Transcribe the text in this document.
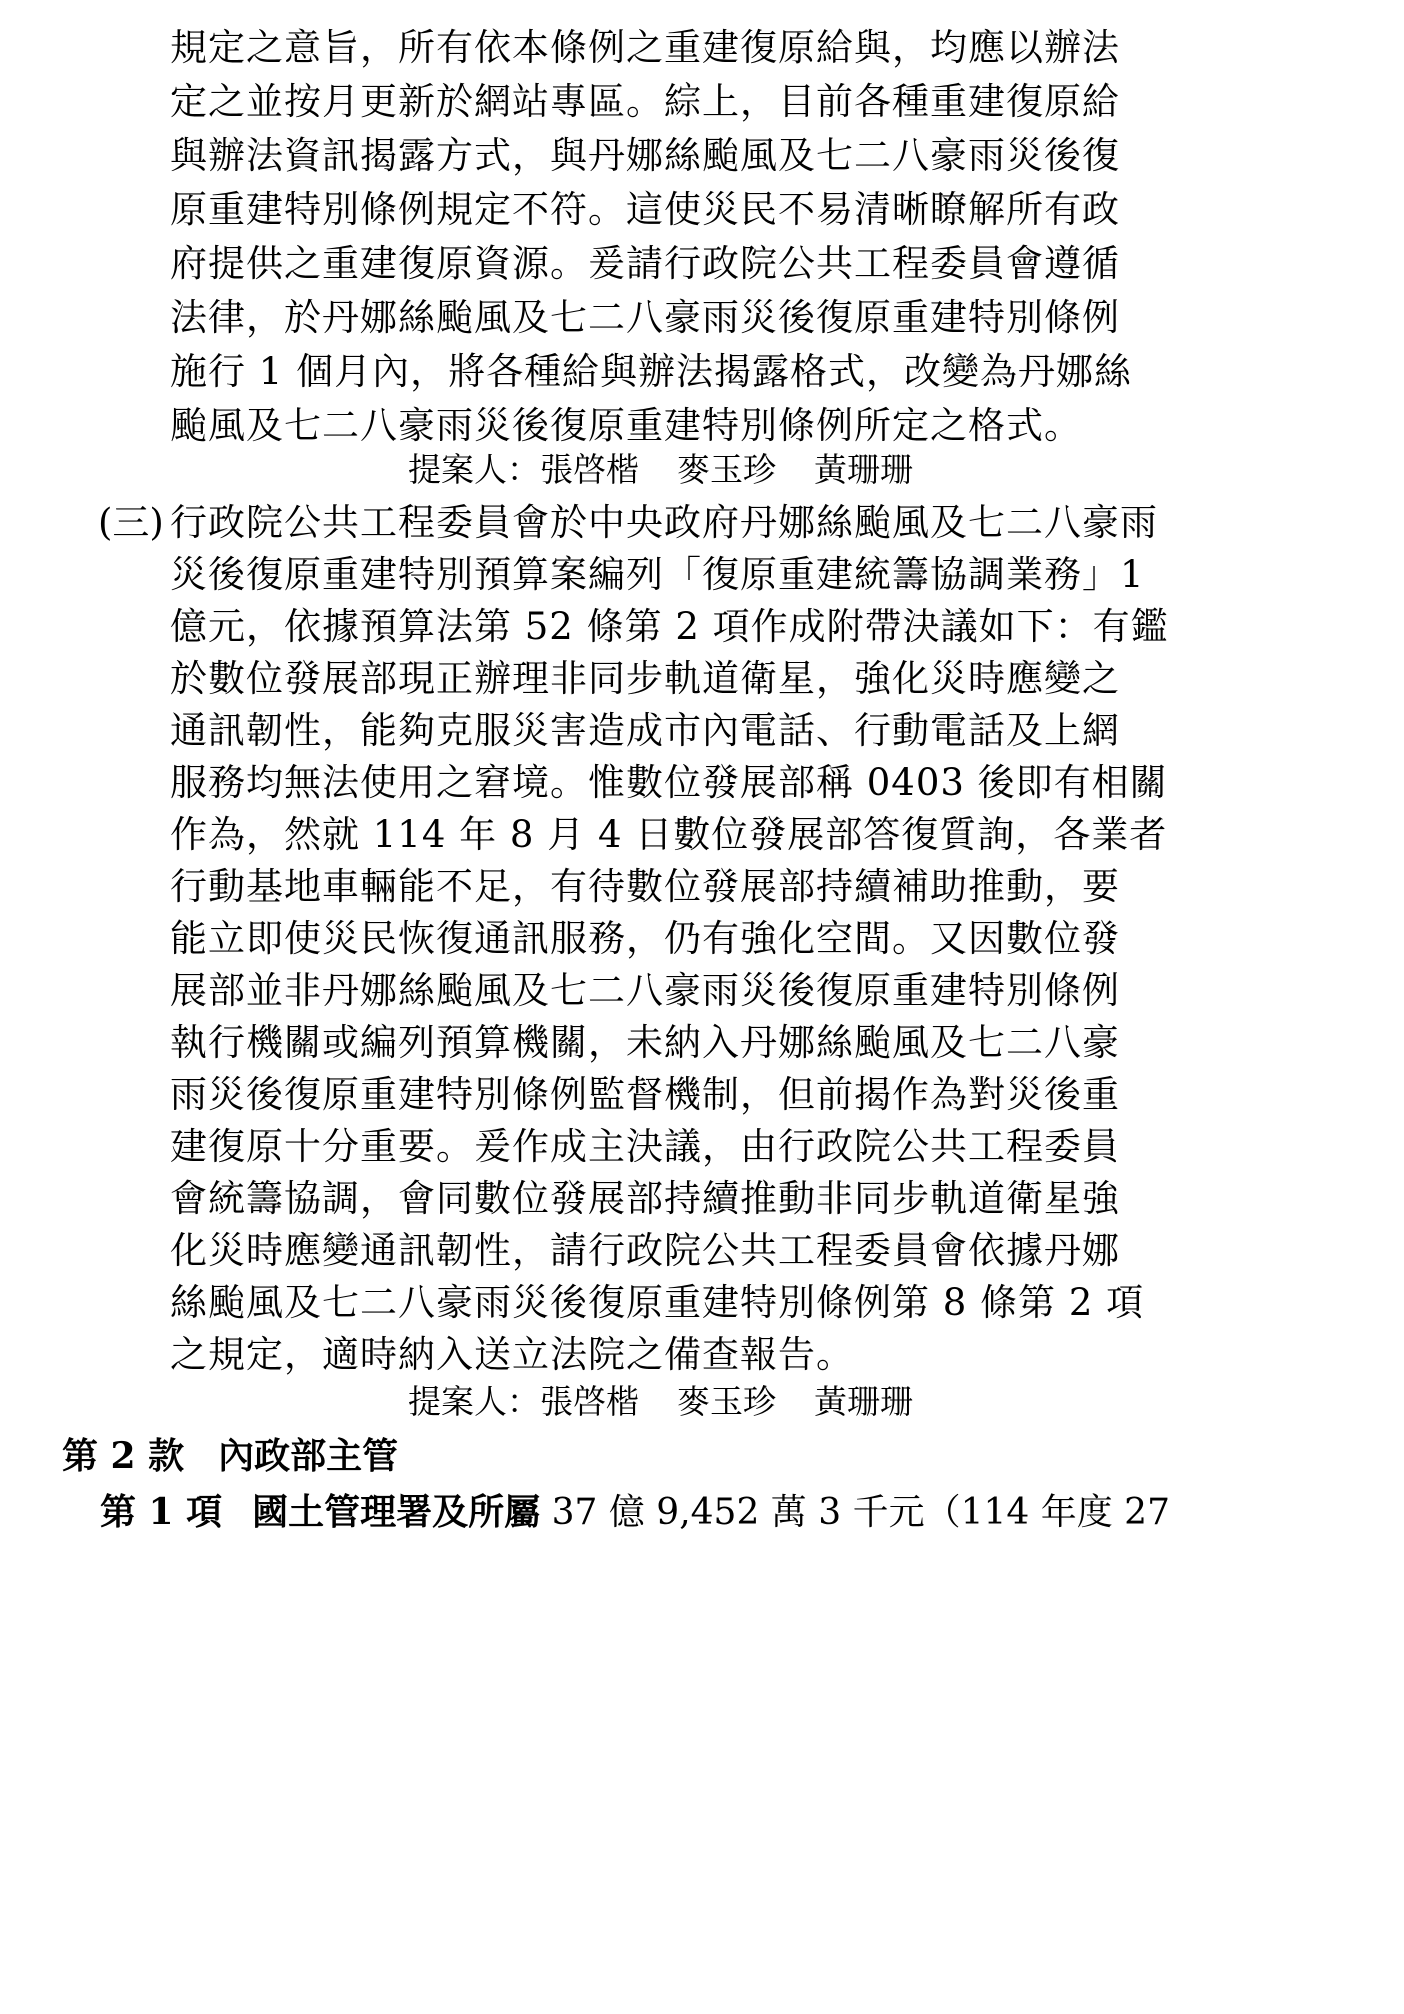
規定之意旨，所有依本條例之重建復原給與，均應以辦法
定之並按月更新於網站專區。綜上，目前各種重建復原給
與辦法資訊揭露方式，與丹娜絲颱風及七二八豪雨災後復
原重建特別條例規定不符。這使災民不易清晰瞭解所有政
府提供之重建復原資源。爰請行政院公共工程委員會遵循
法律，於丹娜絲颱風及七二八豪雨災後復原重建特別條例
施行 1 個月內，將各種給與辦法揭露格式，改變為丹娜絲
颱風及七二八豪雨災後復原重建特別條例所定之格式。
提案人：張啓楷 麥玉珍 黃珊珊
(三) 行政院公共工程委員會於中央政府丹娜絲颱風及七二八豪雨
災後復原重建特別預算案編列「復原重建統籌協調業務」1
億元，依據預算法第 52 條第 2 項作成附帶決議如下：有鑑
於數位發展部現正辦理非同步軌道衛星，強化災時應變之
通訊韌性，能夠克服災害造成市內電話、行動電話及上網
服務均無法使用之窘境。惟數位發展部稱 0403 後即有相關
作為，然就 114 年 8 月 4 日數位發展部答復質詢，各業者
行動基地車輛能不足，有待數位發展部持續補助推動，要
能立即使災民恢復通訊服務，仍有強化空間。又因數位發
展部並非丹娜絲颱風及七二八豪雨災後復原重建特別條例
執行機關或編列預算機關，未納入丹娜絲颱風及七二八豪
雨災後復原重建特別條例監督機制，但前揭作為對災後重
建復原十分重要。爰作成主決議，由行政院公共工程委員
會統籌協調，會同數位發展部持續推動非同步軌道衛星強
化災時應變通訊韌性，請行政院公共工程委員會依據丹娜
絲颱風及七二八豪雨災後復原重建特別條例第 8 條第 2 項
之規定，適時納入送立法院之備查報告。
提案人：張啓楷 麥玉珍 黃珊珊
第 2 款 內政部主管
第 1 項 國土管理署及所屬 37 億 9,452 萬 3 千元（114 年度 27
